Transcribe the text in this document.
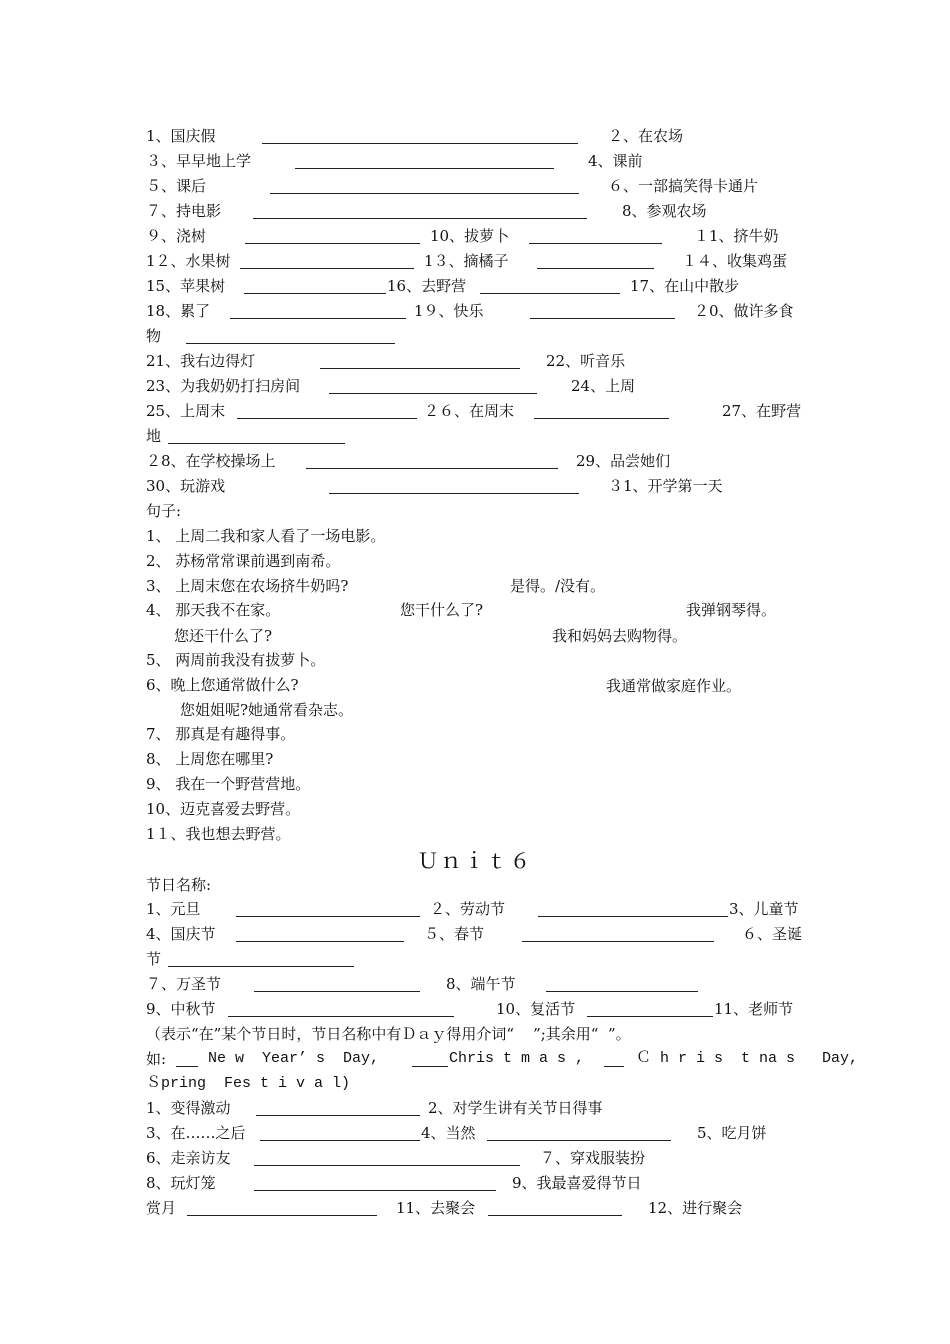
1、国庆假	２、在农场
３、早早地上学	4、课前
５、课后	６、一部搞笑得卡通片
７、持电影	8、参观农场
９、浇树	10、拔萝卜	１1、挤牛奶
1２、水果树	1３、摘橘子	１４、收集鸡蛋
15、苹果树	16、去野营	17、在山中散步
18、累了	1９、快乐	２0、做许多食
物
21、我右边得灯	22、听音乐
23、为我奶奶打扫房间	24、上周
25、上周末	２６、在周末	27、在野营
地
２8、在学校操场上	29、品尝她们
30、玩游戏	３1、开学第一天
句子:
1、 上周二我和家人看了一场电影。
2、 苏杨常常课前遇到南希。
3、 上周末您在农场挤牛奶吗?	是得。/没有。
4、 那天我不在家。	您干什么了?	我弹钢琴得。
您还干什么了?	我和妈妈去购物得。
5、 两周前我没有拔萝卜。
6、晚上您通常做什么?	我通常做家庭作业。
您姐姐呢?她通常看杂志。
7、 那真是有趣得事。
8、 上周您在哪里?
9、 我在一个野营营地。
10、迈克喜爱去野营。
1１、我也想去野营。
Ｕｎｉｔ６
节日名称:
1、元旦	２、劳动节	3、儿童节
4、国庆节	５、春节	６、圣诞
节
７、万圣节	8、端午节
9、中秋节	10、复活节	11、老师节
（表示“在”某个节日时，节日名称中有Ｄａｙ得用介词“    ”;其余用“  ”。
如:	Ne w  Year’ s  Day,	Chris t m a s ,	Ｃ h r i s  t na s   Day,
Ｓpring  Fes t i v a l)
1、变得激动	2、对学生讲有关节日得事
3、在……之后	4、当然	5、吃月饼
6、走亲访友	７、穿戏服装扮
8、玩灯笼	9、我最喜爱得节日
赏月	11、去聚会	12、进行聚会
